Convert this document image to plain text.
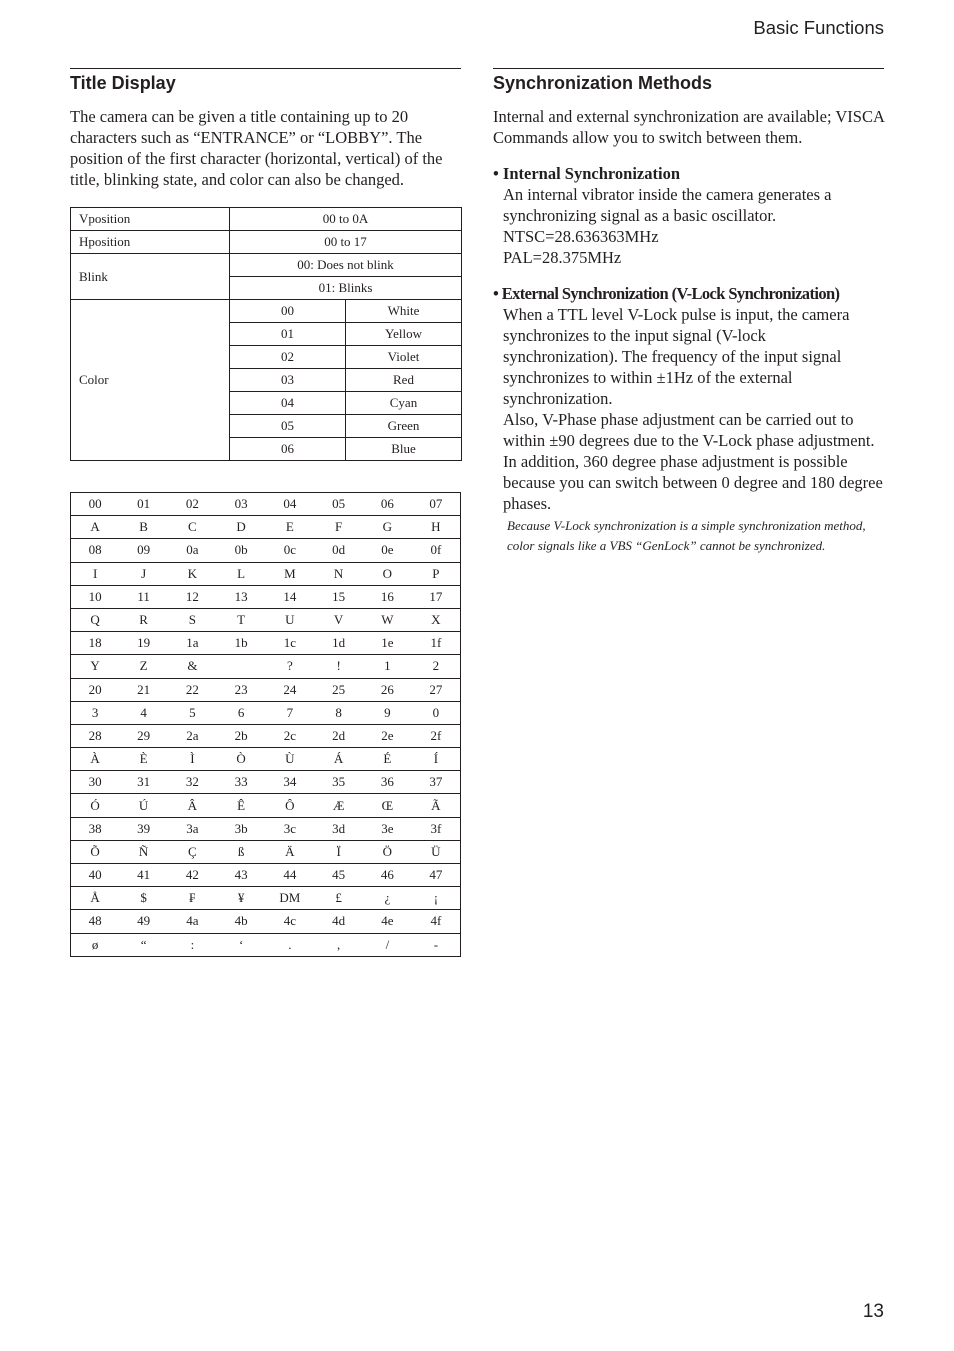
Basic Functions
Title Display

The camera can be given a title containing up to 20 characters such as “ENTRANCE” or “LOBBY”. The position of the first character (horizontal, vertical) of the title, blinking state, and color can also be changed.

Vposition	00 to 0A	
Hposition	00 to 17	
Blink	00: Does not blink	
	01: Blinks	
Color	00	White
	01	Yellow
	02	Violet
	03	Red
	04	Cyan
	05	Green
	06	Blue
00	01	02	03	04	05	06	07
A	B	C	D	E	F	G	H
08	09	0a	0b	0c	0d	0e	0f
I	J	K	L	M	N	O	P
10	11	12	13	14	15	16	17
Q	R	S	T	U	V	W	X
18	19	1a	1b	1c	1d	1e	1f
Y	Z	&		?	!	1	2
20	21	22	23	24	25	26	27
3	4	5	6	7	8	9	0
28	29	2a	2b	2c	2d	2e	2f
À	È	Ì	Ò	Ù	Á	É	Í
30	31	32	33	34	35	36	37
Ó	Ú	Â	Ê	Ô	Æ	Œ	Ã
38	39	3a	3b	3c	3d	3e	3f
Õ	Ñ	Ç	ß	Ä	Ï	Ö	Ü
40	41	42	43	44	45	46	47
Å	$	₣	¥	DM	£	¿	¡
48	49	4a	4b	4c	4d	4e	4f
ø	“	:	‘	.	,	/	-
Synchronization Methods

Internal and external synchronization are available; VISCA Commands allow you to switch between them.

• Internal Synchronization
An internal vibrator inside the camera generates a synchronizing signal as a basic oscillator.
NTSC=28.636363MHz
PAL=28.375MHz
• External Synchronization (V-Lock Synchronization)
When a TTL level V-Lock pulse is input, the camera synchronizes to the input signal (V-lock synchronization). The frequency of the input signal synchronizes to within ±1Hz of the external synchronization.
Also, V-Phase phase adjustment can be carried out to within ±90 degrees due to the V-Lock phase adjustment. In addition, 360 degree phase adjustment is possible because you can switch between 0 degree and 180 degree phases.
Because V-Lock synchronization is a simple synchronization method, color signals like a VBS “GenLock” cannot be synchronized.
13
